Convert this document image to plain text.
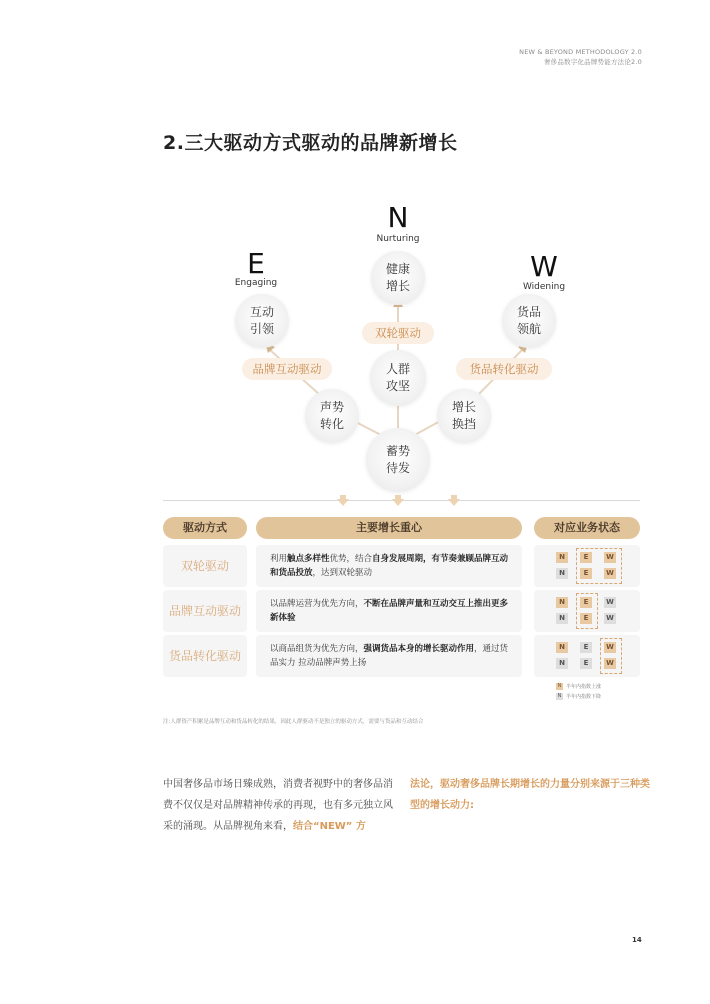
NEW & BEYOND METHODOLOGY 2.0
奢侈品数字化品牌势能方法论2.0
2.三大驱动方式驱动的品牌新增长
N
Nurturing
E
Engaging	W
Widening
健康
增长
互动
引领
货品
领航
人群
攻坚
声势
转化
增长
换挡
蓄势
待发
双轮驱动
品牌互动驱动	货品转化驱动
驱动方式	主要增长重心	对应业务状态
双轮驱动	利用触点多样性优势，结合自身发展周期，有节奏兼顾品牌互动和货品投放，达到双轮驱动
N	E	W
N	E	W
品牌互动驱动	以品牌运营为优先方向，不断在品牌声量和互动交互上推出更多新体验
N	E	W
N	E	W
货品转化驱动	以商品组货为优先方向，强调货品本身的增长驱动作用，通过货品实力 拉动品牌声势上扬
N	E	W
N	E	W
N 半年内指数上涨
N 半年内指数下降
注:人群资产积累是品牌互动和货品转化的结果，因此人群驱动不是独立的驱动方式，需要与货品和互动结合
中国奢侈品市场日臻成熟，消费者视野中的奢侈品消费不仅仅是对品牌精神传承的再现，也有多元独立风采的涌现。从品牌视角来看，结合“NEW” 方
法论，驱动奢侈品牌长期增长的力量分别来源于三种类型的增长动力:
14
